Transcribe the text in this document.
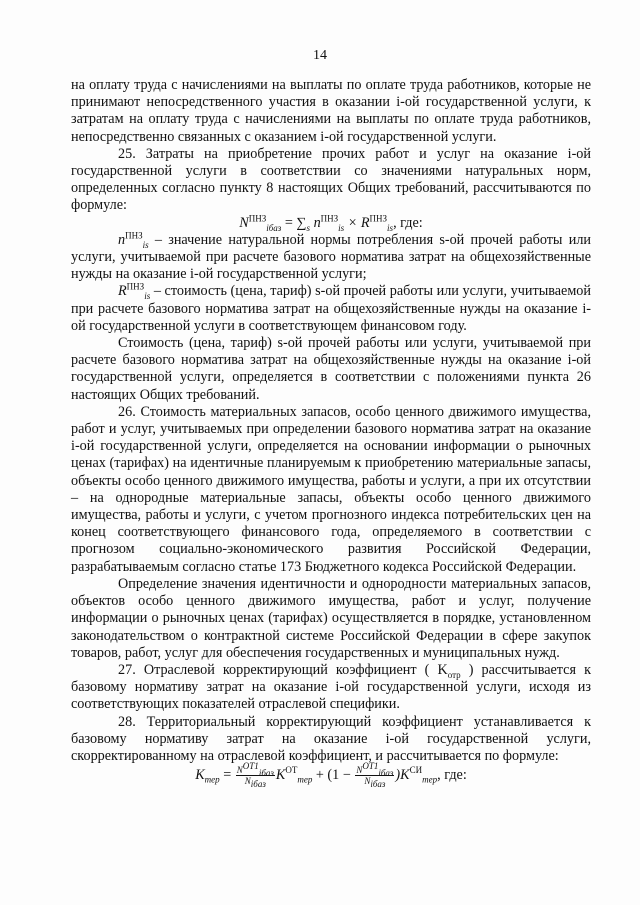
14

на оплату труда с начислениями на выплаты по оплате труда работников, которые не принимают непосредственного участия в оказании i-ой государственной услуги, к затратам на оплату труда с начислениями на выплаты по оплате труда работников, непосредственно связанных с оказанием i-ой государственной услуги.

25. Затраты на приобретение прочих работ и услуг на оказание i-ой государственной услуги в соответствии со значениями натуральных норм, определенных согласно пункту 8 настоящих Общих требований, рассчитываются по формуле:

$N^{ПНЗ}_{iбаз} = \sum_s$ $n^{ПНЗ}_{is} \times R^{ПНЗ}_{is}$, где:

$n^{ПНЗ}_{is}$ – значение натуральной нормы потребления s-ой прочей работы или услуги, учитываемой при расчете базового норматива затрат на общехозяйственные нужды на оказание i-ой государственной услуги;

$R^{ПНЗ}_{is}$ – стоимость (цена, тариф) s-ой прочей работы или услуги, учитываемой при расчете базового норматива затрат на общехозяйственные нужды на оказание i-ой государственной услуги в соответствующем финансовом году.

Стоимость (цена, тариф) s-ой прочей работы или услуги, учитываемой при расчете базового норматива затрат на общехозяйственные нужды на оказание i-ой государственной услуги, определяется в соответствии с положениями пункта 26 настоящих Общих требований.

26. Стоимость материальных запасов, особо ценного движимого имущества, работ и услуг, учитываемых при определении базового норматива затрат на оказание i-ой государственной услуги, определяется на основании информации о рыночных ценах (тарифах) на идентичные планируемым к приобретению материальные запасы, объекты особо ценного движимого имущества, работы и услуги, а при их отсутствии – на однородные материальные запасы, объекты особо ценного движимого имущества, работы и услуги, с учетом прогнозного индекса потребительских цен на конец соответствующего финансового года, определяемого в соответствии с прогнозом социально-экономического развития Российской Федерации, разрабатываемым согласно статье 173 Бюджетного кодекса Российской Федерации.

Определение значения идентичности и однородности материальных запасов, объектов особо ценного движимого имущества, работ и услуг, получение информации о рыночных ценах (тарифах) осуществляется в порядке, установленном законодательством о контрактной системе Российской Федерации в сфере закупок товаров, работ, услуг для обеспечения государственных и муниципальных нужд.

27. Отраслевой корректирующий коэффициент ( $K_{отр}$ ) рассчитывается к базовому нормативу затрат на оказание i-ой государственной услуги, исходя из соответствующих показателей отраслевой специфики.

28. Территориальный корректирующий коэффициент устанавливается к базовому нормативу затрат на оказание i-ой государственной услуги, скорректированному на отраслевой коэффициент, и рассчитывается по формуле:

$K_{тер} = \frac{N^{ОТ1}_{iбаз}}{N_{iбаз}} K^{ОТ}_{тер} + (1 - \frac{N^{ОТ1}_{iбаз}}{N_{iбаз}} )K^{СИ}_{тер}$, где:
